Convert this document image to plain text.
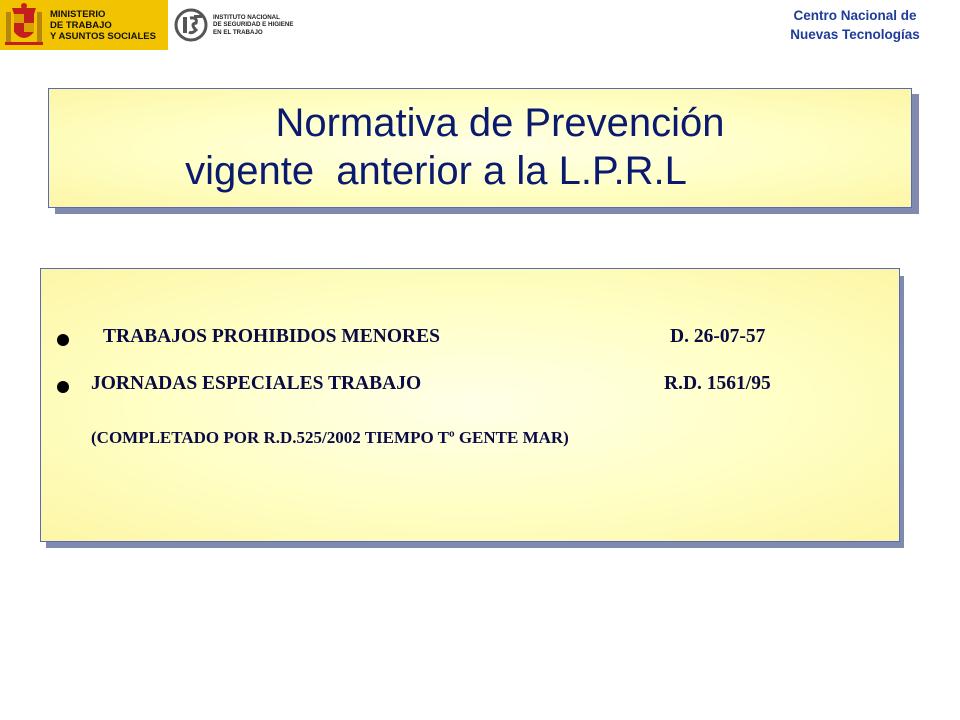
MINISTERIO
DE TRABAJO
Y ASUNTOS SOCIALES
INSTITUTO NACIONAL
DE SEGURIDAD E HIGIENE
EN EL TRABAJO
Centro Nacional de
Nuevas Tecnologías
Normativa de Prevención
vigente  anterior a la L.P.R.L
TRABAJOS PROHIBIDOS MENORES	D. 26-07-57
JORNADAS ESPECIALES TRABAJO	R.D. 1561/95
(COMPLETADO POR R.D.525/2002 TIEMPO Tº GENTE MAR)
